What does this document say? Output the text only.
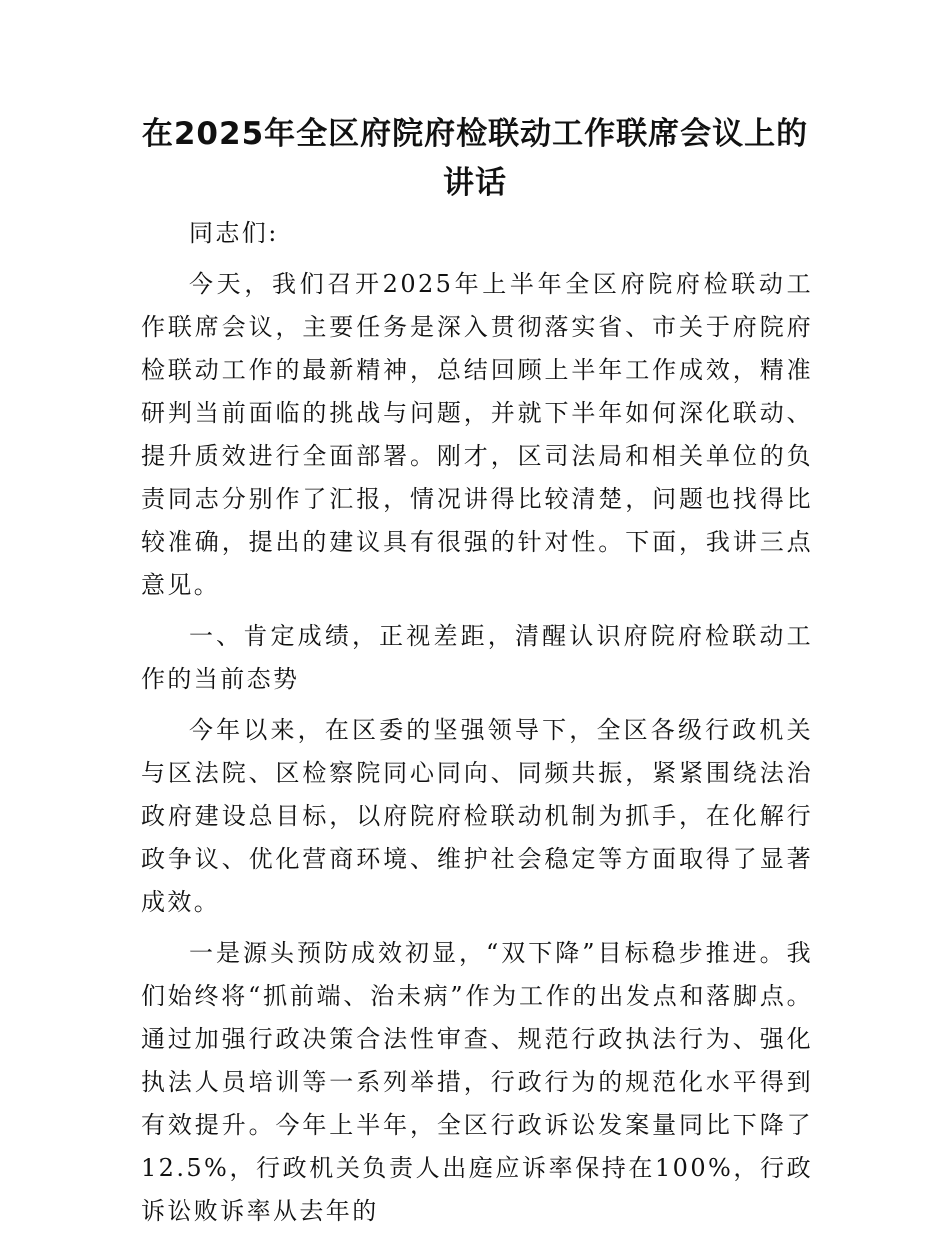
在2025年全区府院府检联动工作联席会议上的讲话

同志们:

今天，我们召开2025年上半年全区府院府检联动工作联席会议，主要任务是深入贯彻落实省、市关于府院府检联动工作的最新精神，总结回顾上半年工作成效，精准研判当前面临的挑战与问题，并就下半年如何深化联动、提升质效进行全面部署。刚才，区司法局和相关单位的负责同志分别作了汇报，情况讲得比较清楚，问题也找得比较准确，提出的建议具有很强的针对性。下面，我讲三点意见。

一、肯定成绩，正视差距，清醒认识府院府检联动工作的当前态势

今年以来，在区委的坚强领导下，全区各级行政机关与区法院、区检察院同心同向、同频共振，紧紧围绕法治政府建设总目标，以府院府检联动机制为抓手，在化解行政争议、优化营商环境、维护社会稳定等方面取得了显著成效。

一是源头预防成效初显，“双下降”目标稳步推进。我们始终将“抓前端、治未病”作为工作的出发点和落脚点。通过加强行政决策合法性审查、规范行政执法行为、强化执法人员培训等一系列举措，行政行为的规范化水平得到有效提升。今年上半年，全区行政诉讼发案量同比下降了12.5%，行政机关负责人出庭应诉率保持在100%，行政诉讼败诉率从去年的
